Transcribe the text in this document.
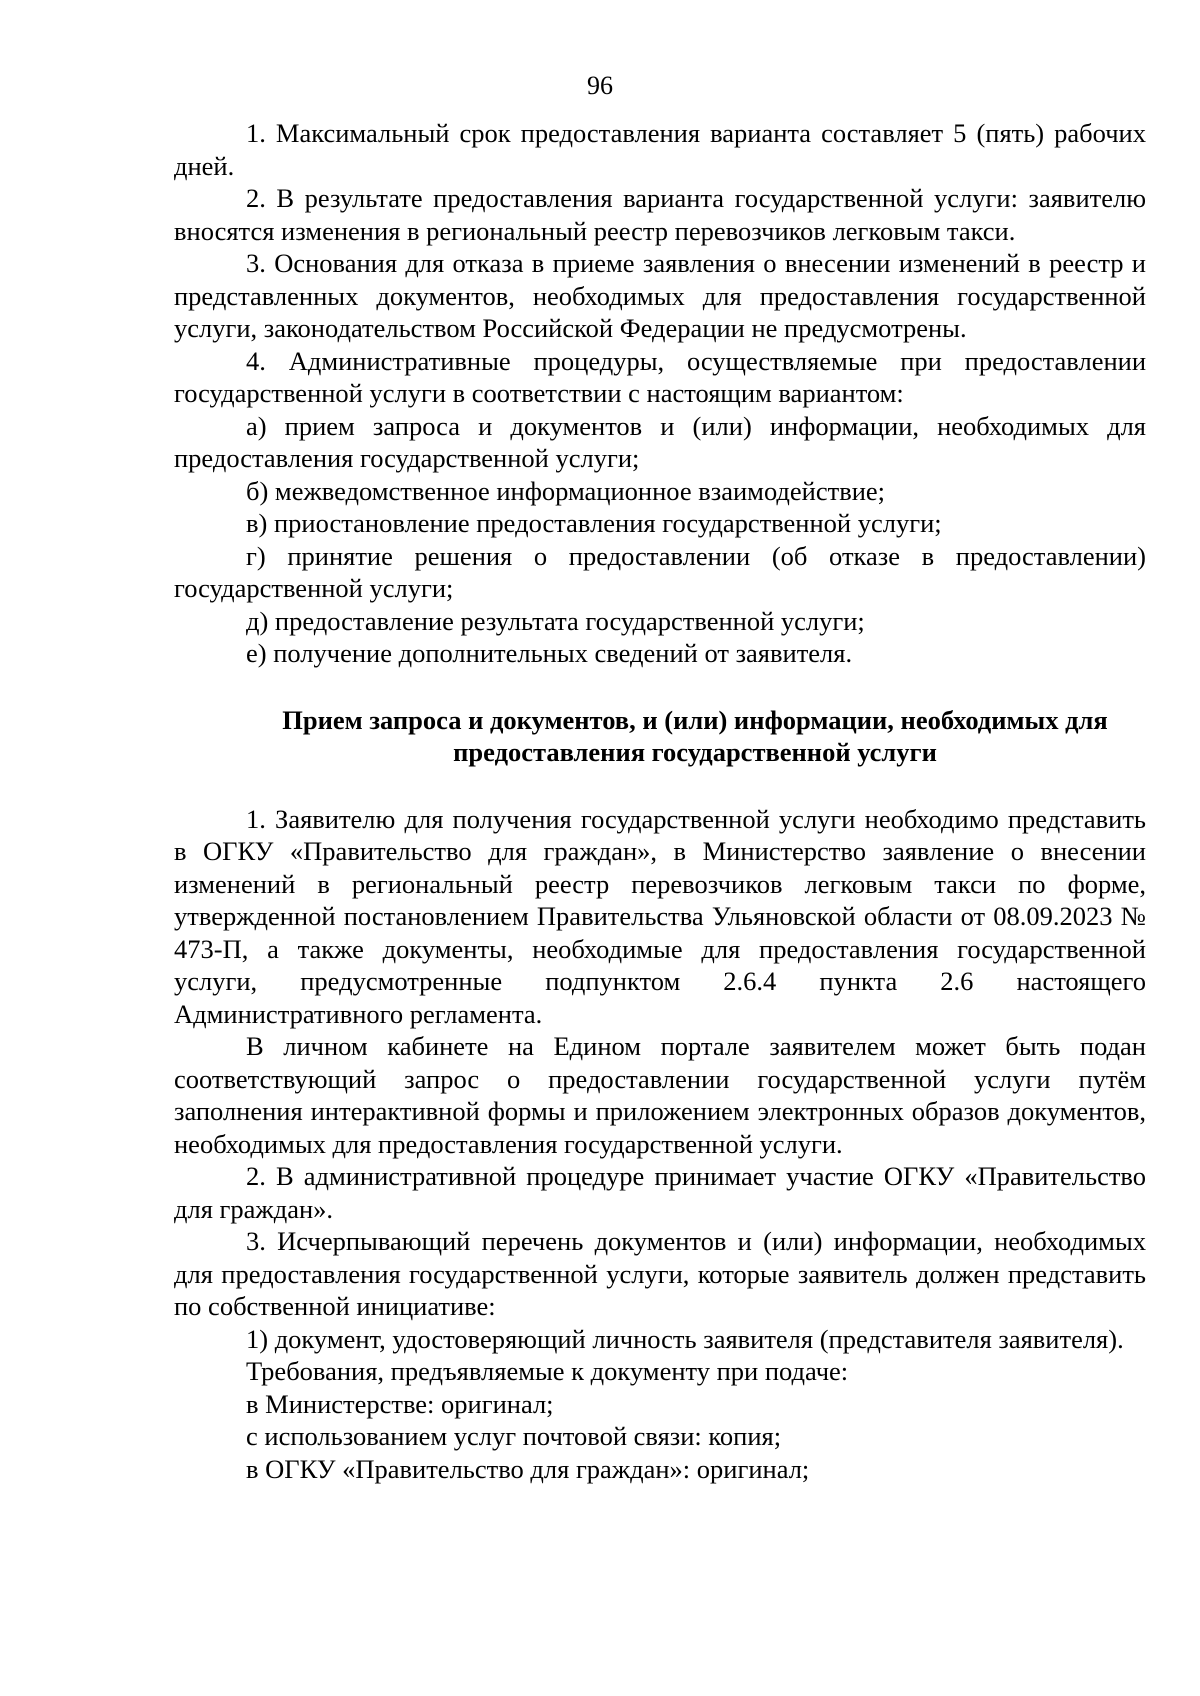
96

1. Максимальный срок предоставления варианта составляет 5 (пять) рабочих дней.

2. В результате предоставления варианта государственной услуги: заявителю вносятся изменения в региональный реестр перевозчиков легковым такси.

3. Основания для отказа в приеме заявления о внесении изменений в реестр и представленных документов, необходимых для предоставления государственной услуги, законодательством Российской Федерации не предусмотрены.

4. Административные процедуры, осуществляемые при предоставлении государственной услуги в соответствии с настоящим вариантом:

а) прием запроса и документов и (или) информации, необходимых для предоставления государственной услуги;

б) межведомственное информационное взаимодействие;

в) приостановление предоставления государственной услуги;

г) принятие решения о предоставлении (об отказе в предоставлении) государственной услуги;

д) предоставление результата государственной услуги;

е) получение дополнительных сведений от заявителя.

Прием запроса и документов, и (или) информации, необходимых для
предоставления государственной услуги

1. Заявителю для получения государственной услуги необходимо представить в ОГКУ «Правительство для граждан», в Министерство заявление о внесении изменений в региональный реестр перевозчиков легковым такси по форме, утвержденной постановлением Правительства Ульяновской области от 08.09.2023 № 473-П, а также документы, необходимые для предоставления государственной услуги, предусмотренные подпунктом 2.6.4 пункта 2.6 настоящего Административного регламента.

В личном кабинете на Едином портале заявителем может быть подан соответствующий запрос о предоставлении государственной услуги путём заполнения интерактивной формы и приложением электронных образов документов, необходимых для предоставления государственной услуги.

2. В административной процедуре принимает участие ОГКУ «Правительство для граждан».

3. Исчерпывающий перечень документов и (или) информации, необходимых для предоставления государственной услуги, которые заявитель должен представить по собственной инициативе:

1) документ, удостоверяющий личность заявителя (представителя заявителя).

Требования, предъявляемые к документу при подаче:

в Министерстве: оригинал;

с использованием услуг почтовой связи: копия;

в ОГКУ «Правительство для граждан»: оригинал;
